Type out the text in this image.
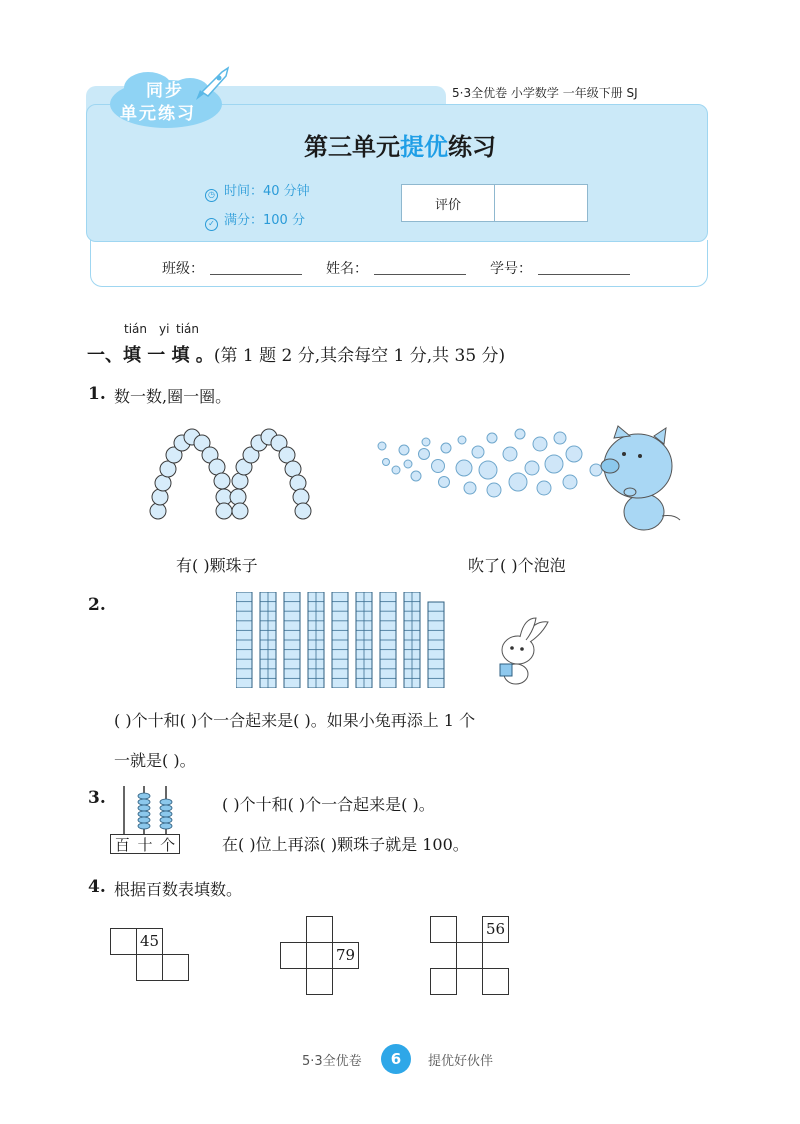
5·3全优卷 小学数学 一年级下册 SJ
同步
单元练习
第三单元提优练习
◷ 时间：40 分钟
✓ 满分：100 分
评价
班级：	姓名：	学号：
tián yi tián
一、填 一 填 。(第 1 题 2 分,其余每空 1 分,共 35 分)
1. 数一数,圈一圈。
有( )颗珠子	吹了( )个泡泡
2.
( )个十和( )个一合起来是( )。如果小兔再添上 1 个
一就是( )。
3.
百 十 个
( )个十和( )个一合起来是( )。
在( )位上再添( )颗珠子就是 100。
4. 根据百数表填数。
45
79
56
5·3全优卷	6	提优好伙伴
